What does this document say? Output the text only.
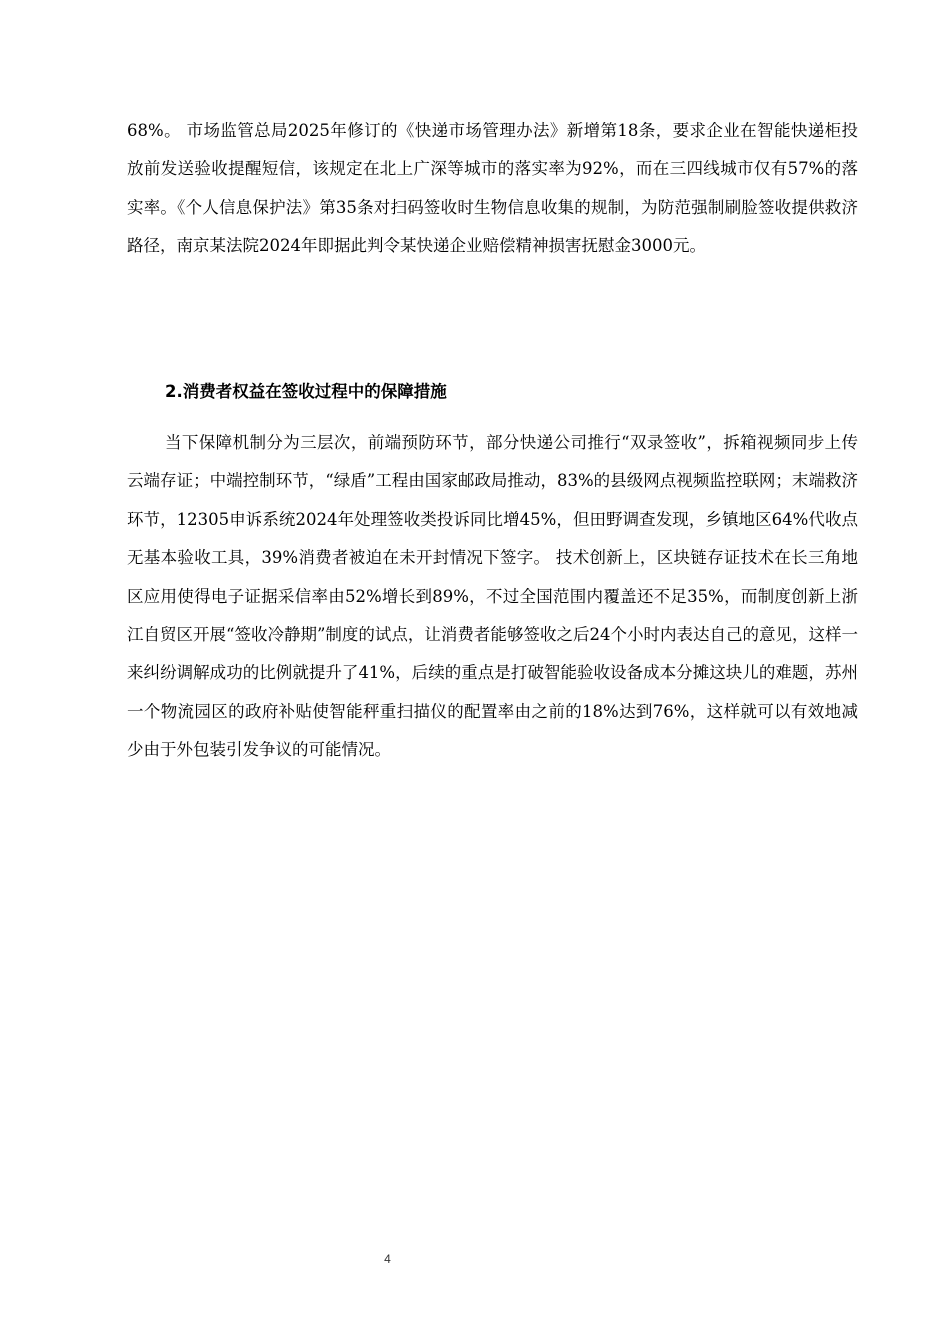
68%。 市场监管总局2025年修订的《快递市场管理办法》新增第18条，要求企业在智能快递柜投放前发送验收提醒短信，该规定在北上广深等城市的落实率为92%，而在三四线城市仅有57%的落实率。《个人信息保护法》第35条对扫码签收时生物信息收集的规制，为防范强制刷脸签收提供救济路径，南京某法院2024年即据此判令某快递企业赔偿精神损害抚慰金3000元。

2.消费者权益在签收过程中的保障措施

当下保障机制分为三层次，前端预防环节，部分快递公司推行“双录签收”，拆箱视频同步上传云端存证；中端控制环节，“绿盾”工程由国家邮政局推动，83%的县级网点视频监控联网；末端救济环节，12305申诉系统2024年处理签收类投诉同比增45%，但田野调查发现，乡镇地区64%代收点无基本验收工具，39%消费者被迫在未开封情况下签字。 技术创新上，区块链存证技术在长三角地区应用使得电子证据采信率由52%增长到89%，不过全国范围内覆盖还不足35%，而制度创新上浙江自贸区开展“签收冷静期”制度的试点，让消费者能够签收之后24个小时内表达自己的意见，这样一来纠纷调解成功的比例就提升了41%，后续的重点是打破智能验收设备成本分摊这块儿的难题，苏州一个物流园区的政府补贴使智能秤重扫描仪的配置率由之前的18%达到76%，这样就可以有效地减少由于外包装引发争议的可能情况。

4
